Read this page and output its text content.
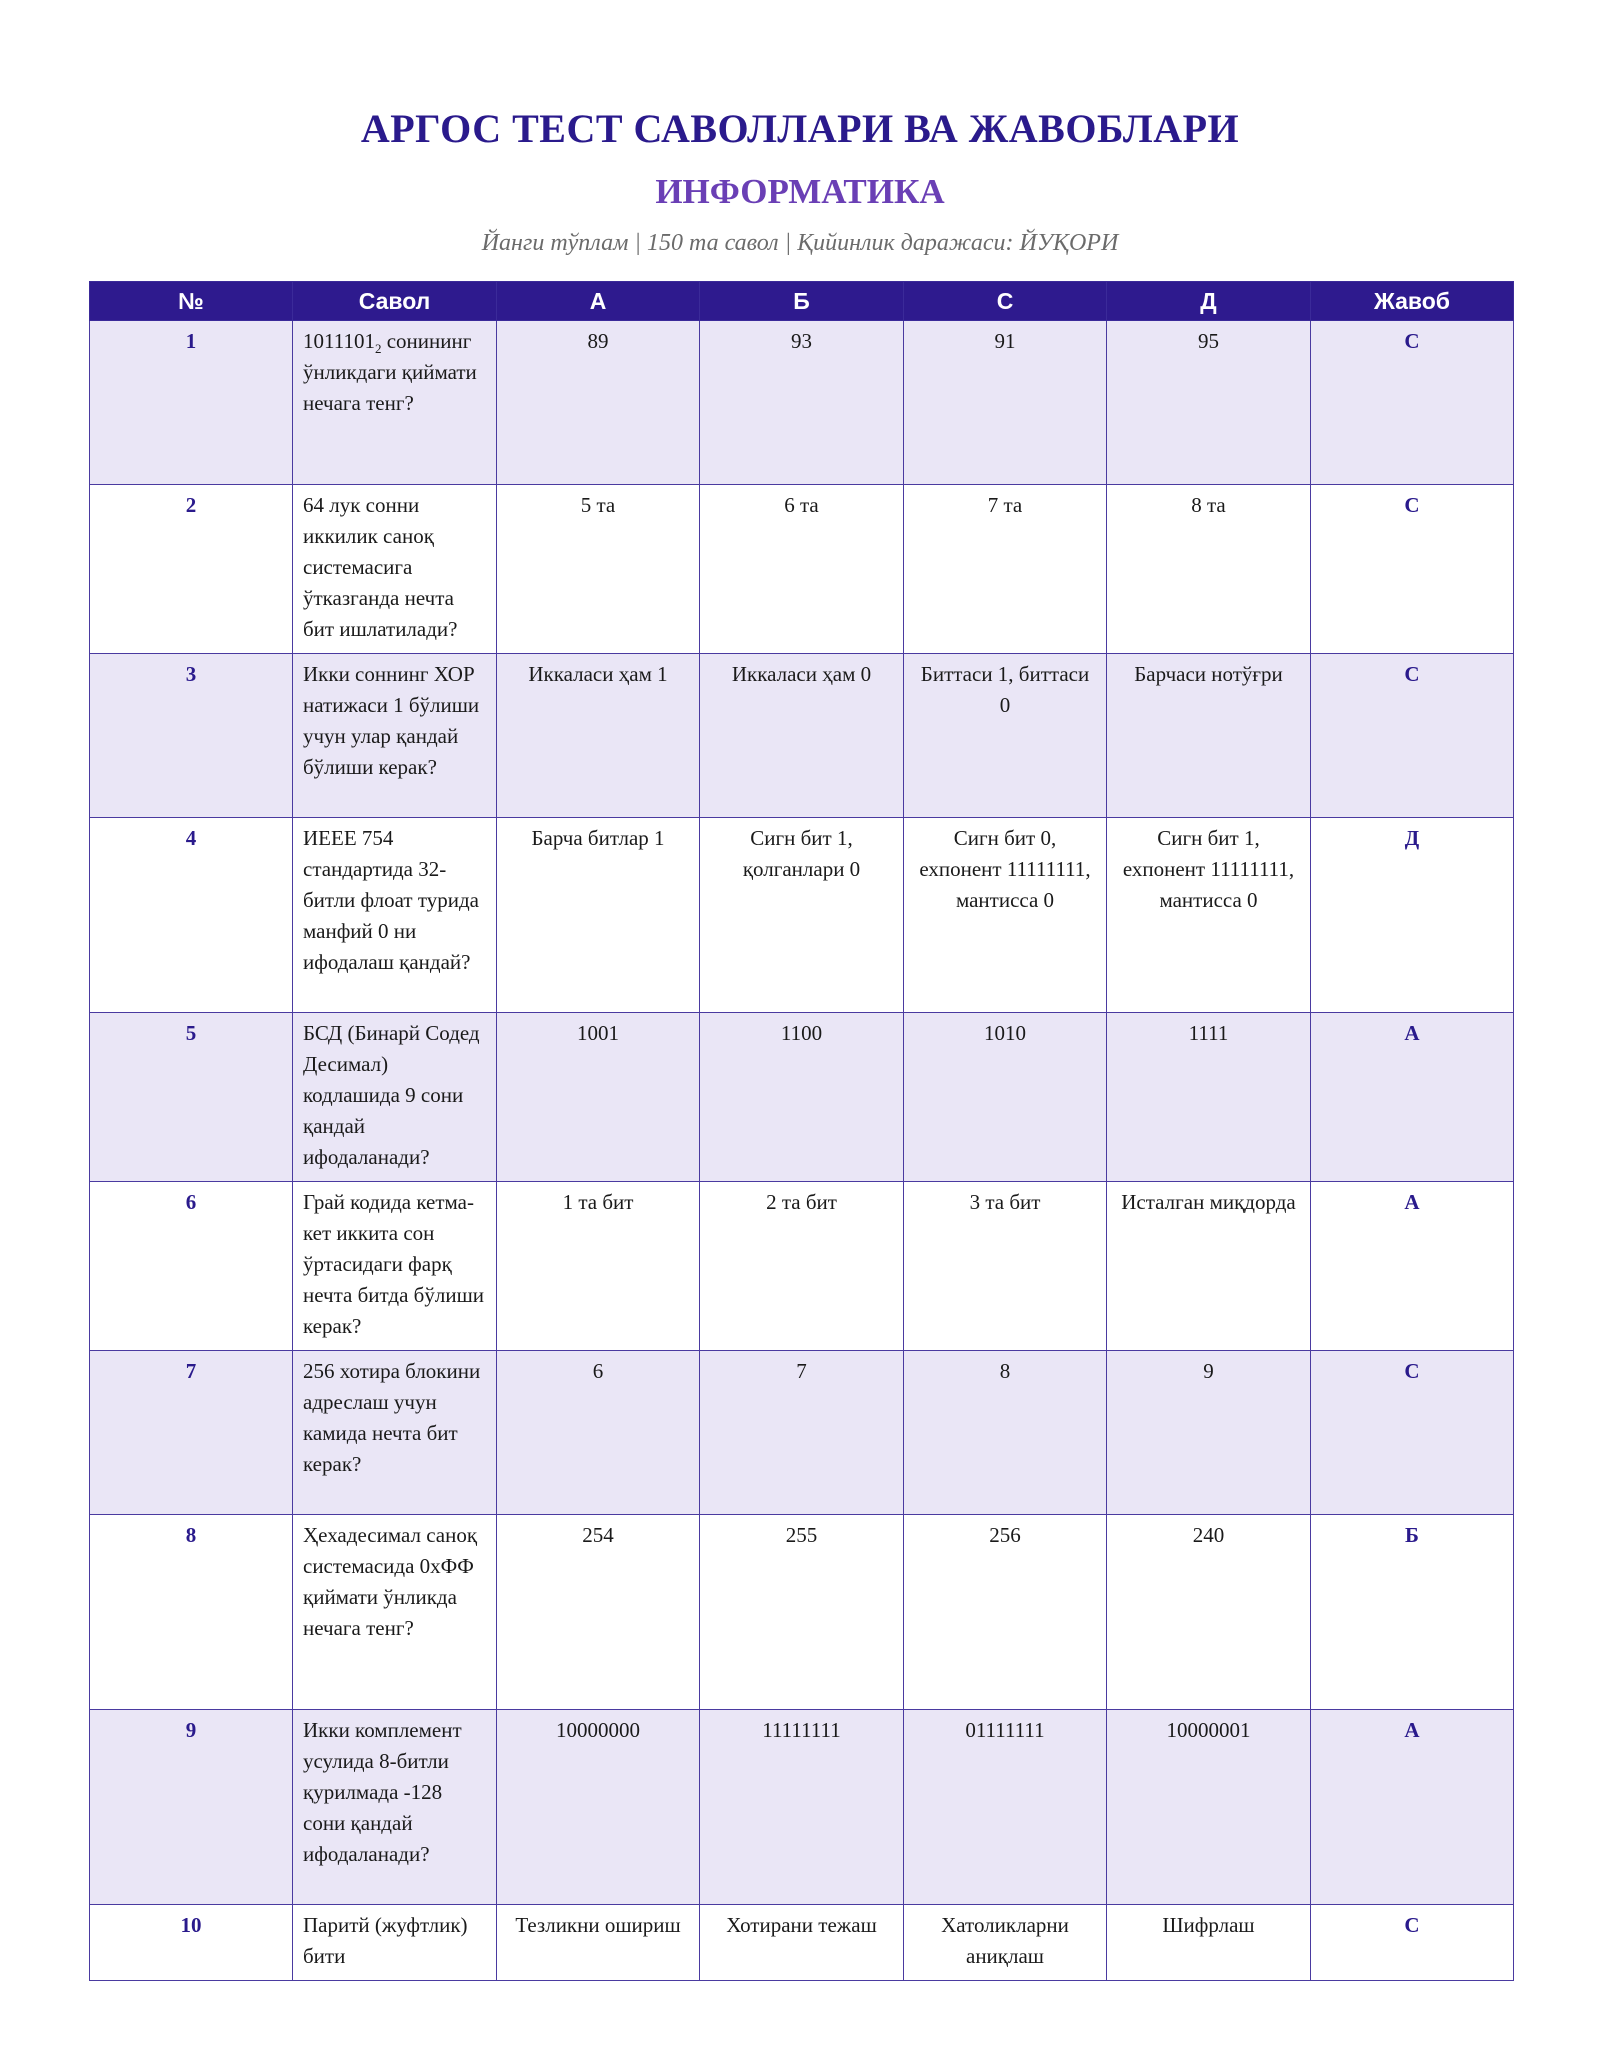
АРГОС ТЕСТ САВОЛЛАРИ ВА ЖАВОБЛАРИ
ИНФОРМАТИКА
Йанги тўплам | 150 та савол | Қийинлик даражаси: ЙУҚОРИ
№	Савол	А	Б	С	Д	Жавоб
1	$1011101_2$ сонининг ўнликдаги қиймати нечага тенг?	89	93	91	95	С
2	64 лук сонни иккилик саноқ системасига ўтказганда нечта бит ишлатилади?	5 та	6 та	7 та	8 та	С
3	Икки соннинг ХОР натижаси 1 бўлиши учун улар қандай бўлиши керак?	Иккаласи ҳам 1	Иккаласи ҳам 0	Биттаси 1, биттаси 0	Барчаси нотўғри	С
4	ИЕЕЕ 754 стандартида 32-битли флоат турида манфий 0 ни ифодалаш қандай?	Барча битлар 1	Сигн бит 1, қолганлари 0	Сигн бит 0, ехпонент 11111111, мантисса 0	Сигн бит 1, ехпонент 11111111, мантисса 0	Д
5	БСД (Бинарй Содед Десимал) кодлашида 9 сони қандай ифодаланади?	1001	1100	1010	1111	А
6	Грай кодида кетма-кет иккита сон ўртасидаги фарқ нечта битда бўлиши керак?	1 та бит	2 та бит	3 та бит	Исталган миқдорда	А
7	256 хотира блокини адреслаш учун камида нечта бит керак?	6	7	8	9	С
8	Ҳехадесимал саноқ системасида 0хФФ қиймати ўнликда нечага тенг?	254	255	256	240	Б
9	Икки комплемент усулида 8-битли қурилмада -128 сони қандай ифодаланади?	10000000	11111111	01111111	10000001	А
10	Паритй (жуфтлик) бити	Тезликни ошириш	Хотирани тежаш	Хатоликларни аниқлаш	Шифрлаш	С
